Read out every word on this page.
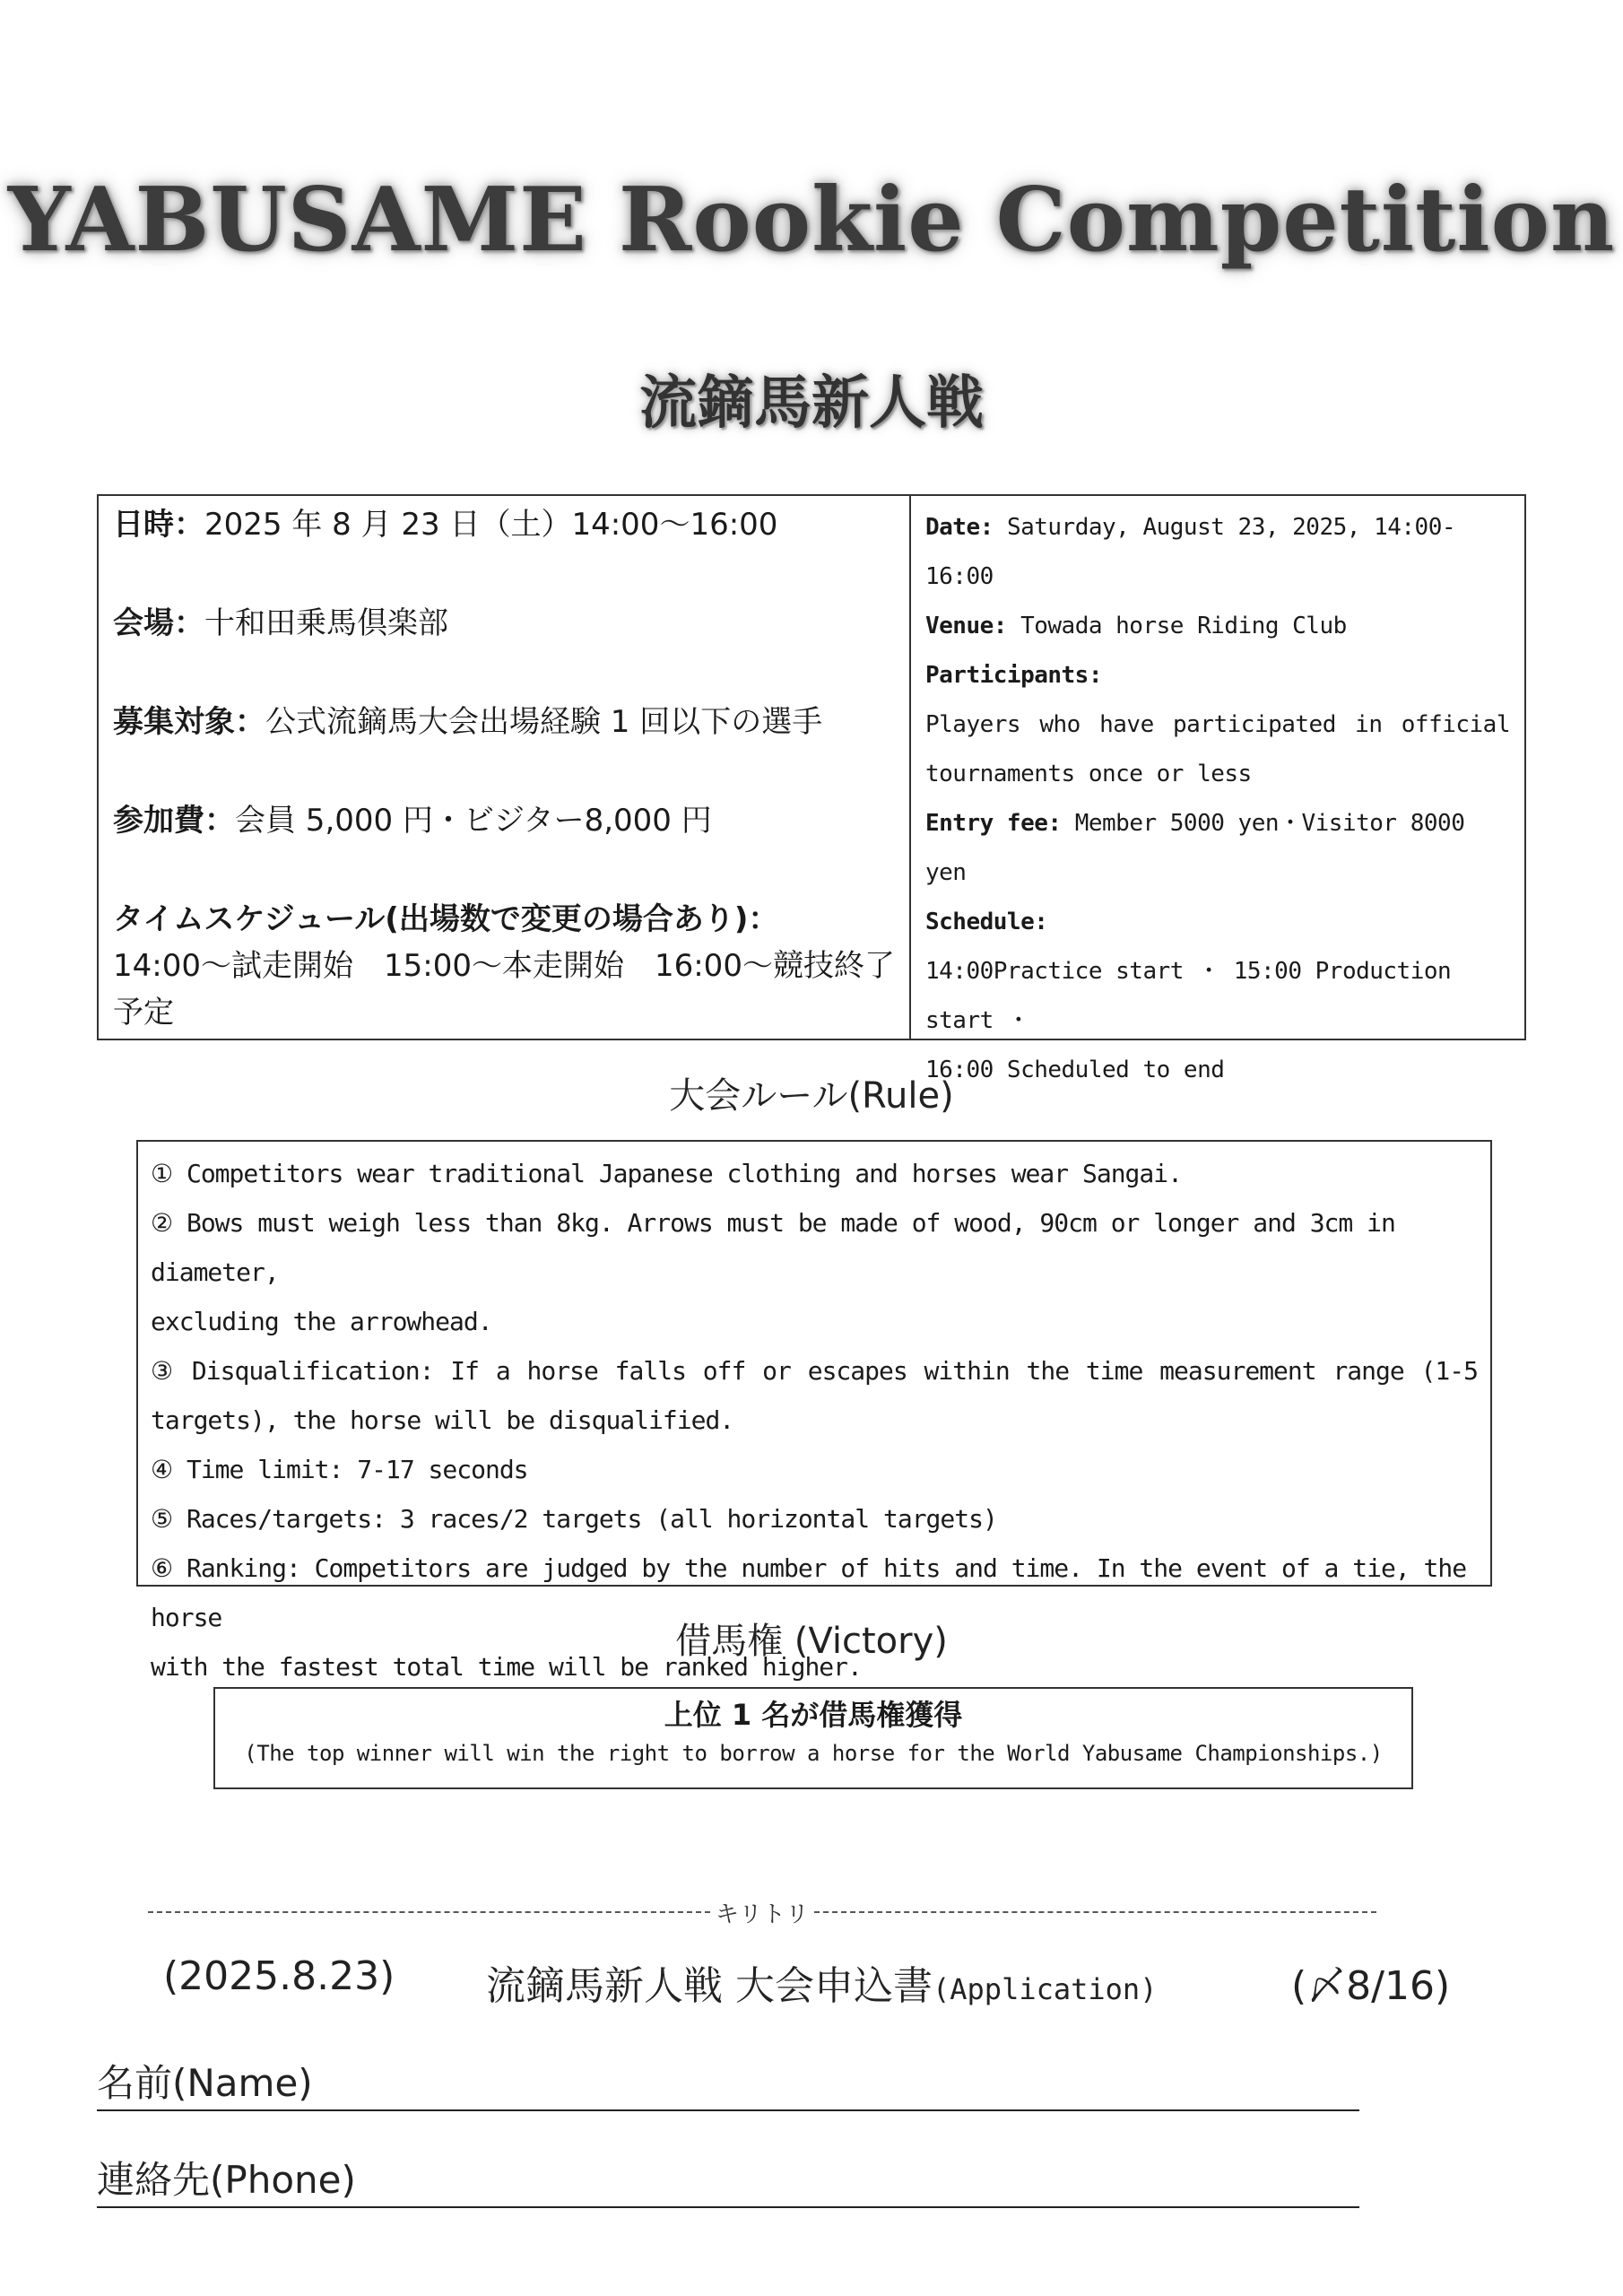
YABUSAME Rookie Competition
流鏑馬新人戦
日時：2025 年 8 月 23 日（土）14:00～16:00
会場：十和田乗馬倶楽部
募集対象：公式流鏑馬大会出場経験 1 回以下の選手
参加費：会員 5,000 円・ビジター8,000 円
タイムスケジュール(出場数で変更の場合あり)：
14:00～試走開始　15:00～本走開始　16:00～競技終了予定
Date: Saturday, August 23, 2025, 14:00-16:00
Venue: Towada horse Riding Club
Participants:
Players who have participated in official
tournaments once or less
Entry fee: Member 5000 yen・Visitor 8000 yen
Schedule:
14:00Practice start ・ 15:00 Production start ・
16:00 Scheduled to end
大会ルール(Rule)
① Competitors wear traditional Japanese clothing and horses wear Sangai.
② Bows must weigh less than 8kg. Arrows must be made of wood, 90cm or longer and 3cm in diameter,
excluding the arrowhead.
③ Disqualification: If a horse falls off or escapes within the time measurement range (1-5
targets), the horse will be disqualified.
④ Time limit: 7-17 seconds
⑤ Races/targets: 3 races/2 targets (all horizontal targets)
⑥ Ranking: Competitors are judged by the number of hits and time. In the event of a tie, the horse
with the fastest total time will be ranked higher.
借馬権 (Victory)
上位 1 名が借馬権獲得
(The top winner will win the right to borrow a horse for the World Yabusame Championships.)
キリトリ
(2025.8.23) 流鏑馬新人戦 大会申込書(Application)	(〆8/16)
名前(Name)
連絡先(Phone)
